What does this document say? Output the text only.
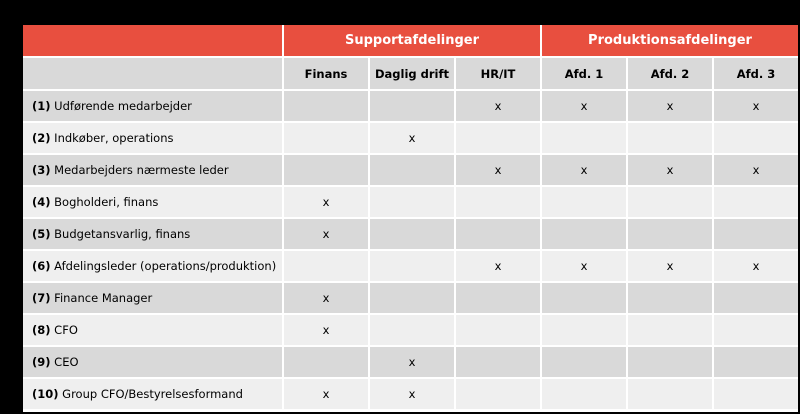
	Supportafdelinger			Produktionsafdelinger		
	Finans	Daglig drift	HR/IT	Afd. 1	Afd. 2	Afd. 3
(1) Udførende medarbejder			x	x	x	x
(2) Indkøber, operations		x				
(3) Medarbejders nærmeste leder			x	x	x	x
(4) Bogholderi, finans	x					
(5) Budgetansvarlig, finans	x					
(6) Afdelingsleder (operations/produktion)			x	x	x	x
(7) Finance Manager	x					
(8) CFO	x					
(9) CEO		x				
(10) Group CFO/Bestyrelsesformand	x	x				
